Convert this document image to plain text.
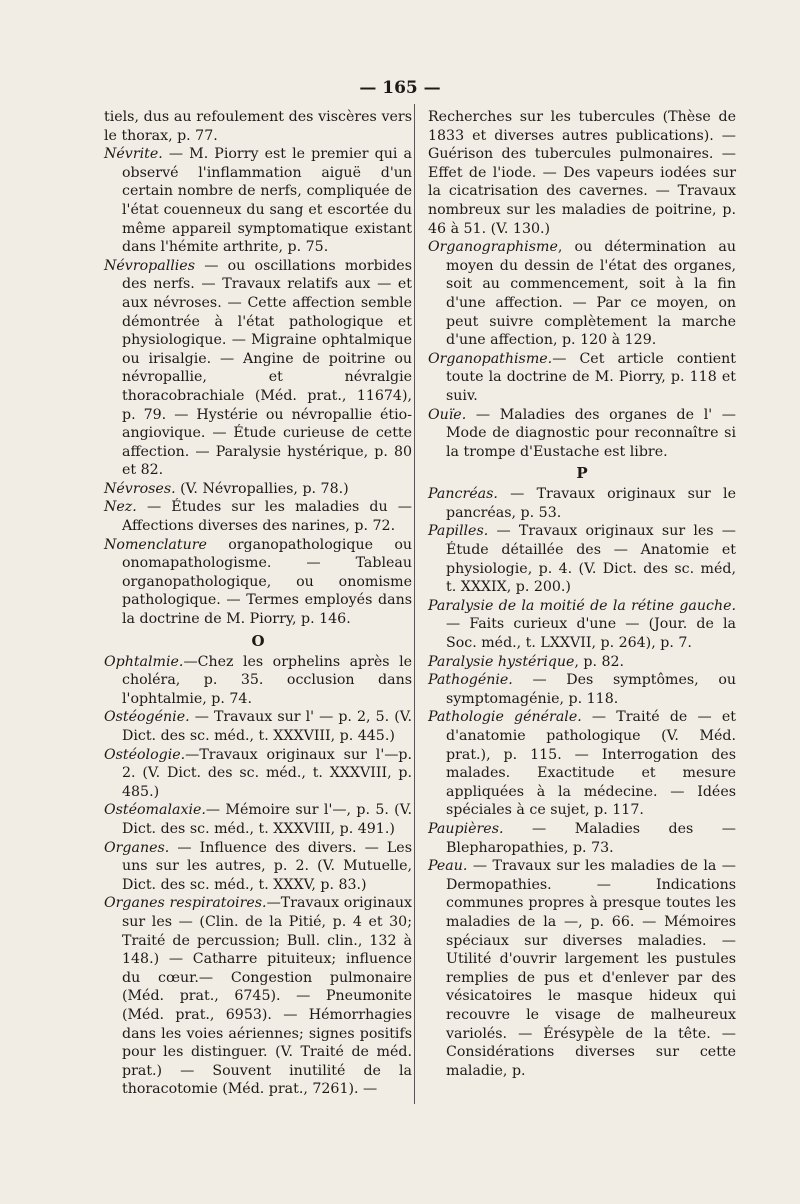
— 165 —

tiels, dus au refoulement des viscères vers le thorax, p. 77.

Névrite. — M. Piorry est le premier qui a observé l'inflammation aiguë d'un certain nombre de nerfs, compliquée de l'état couenneux du sang et escortée du même appareil symptomatique existant dans l'hémite arthrite, p. 75.

Névropallies — ou oscillations morbides des nerfs. — Travaux relatifs aux — et aux névroses. — Cette affection semble démontrée à l'état pathologique et physiologique. — Migraine ophtalmique ou irisalgie. — Angine de poitrine ou névropallie, et névralgie thoracobrachiale (Méd. prat., 11674), p. 79. — Hystérie ou névropallie étio-angiovique. — Étude curieuse de cette affection. — Paralysie hystérique, p. 80 et 82.

Névroses. (V. Névropallies, p. 78.)

Nez. — Études sur les maladies du — Affections diverses des narines, p. 72.

Nomenclature organopathologique ou onomapathologisme. — Tableau organopathologique, ou onomisme pathologique. — Termes employés dans la doctrine de M. Piorry, p. 146.

O

Ophtalmie.—Chez les orphelins après le choléra, p. 35. occlusion dans l'ophtalmie, p. 74.

Ostéogénie. — Travaux sur l' — p. 2, 5. (V. Dict. des sc. méd., t. XXXVIII, p. 445.)

Ostéologie.—Travaux originaux sur l'—p. 2. (V. Dict. des sc. méd., t. XXXVIII, p. 485.)

Ostéomalaxie.— Mémoire sur l'—, p. 5. (V. Dict. des sc. méd., t. XXXVIII, p. 491.)

Organes. — Influence des divers. — Les uns sur les autres, p. 2. (V. Mutuelle, Dict. des sc. méd., t. XXXV, p. 83.)

Organes respiratoires.—Travaux originaux sur les — (Clin. de la Pitié, p. 4 et 30; Traité de percussion; Bull. clin., 132 à 148.) — Catharre pituiteux; influence du cœur.— Congestion pulmonaire (Méd. prat., 6745). — Pneumonite (Méd. prat., 6953). — Hémorrhagies dans les voies aériennes; signes positifs pour les distinguer. (V. Traité de méd. prat.) — Souvent inutilité de la thoracotomie (Méd. prat., 7261). —

Recherches sur les tubercules (Thèse de 1833 et diverses autres publications). — Guérison des tubercules pulmonaires. — Effet de l'iode. — Des vapeurs iodées sur la cicatrisation des cavernes. — Travaux nombreux sur les maladies de poitrine, p. 46 à 51. (V. 130.)

Organographisme, ou détermination au moyen du dessin de l'état des organes, soit au commencement, soit à la fin d'une affection. — Par ce moyen, on peut suivre complètement la marche d'une affection, p. 120 à 129.

Organopathisme.— Cet article contient toute la doctrine de M. Piorry, p. 118 et suiv.

Ouïe. — Maladies des organes de l' — Mode de diagnostic pour reconnaître si la trompe d'Eustache est libre.

P

Pancréas. — Travaux originaux sur le pancréas, p. 53.

Papilles. — Travaux originaux sur les — Étude détaillée des — Anatomie et physiologie, p. 4. (V. Dict. des sc. méd, t. XXXIX, p. 200.)

Paralysie de la moitié de la rétine gauche. — Faits curieux d'une — (Jour. de la Soc. méd., t. LXXVII, p. 264), p. 7.

Paralysie hystérique, p. 82.

Pathogénie. — Des symptômes, ou symptomagénie, p. 118.

Pathologie générale. — Traité de — et d'anatomie pathologique (V. Méd. prat.), p. 115. — Interrogation des malades. Exactitude et mesure appliquées à la médecine. — Idées spéciales à ce sujet, p. 117.

Paupières. — Maladies des — Blepharopathies, p. 73.

Peau. — Travaux sur les maladies de la — Dermopathies. — Indications communes propres à presque toutes les maladies de la —, p. 66. — Mémoires spéciaux sur diverses maladies. — Utilité d'ouvrir largement les pustules remplies de pus et d'enlever par des vésicatoires le masque hideux qui recouvre le visage de malheureux variolés. — Érésypèle de la tête. — Considérations diverses sur cette maladie, p.
